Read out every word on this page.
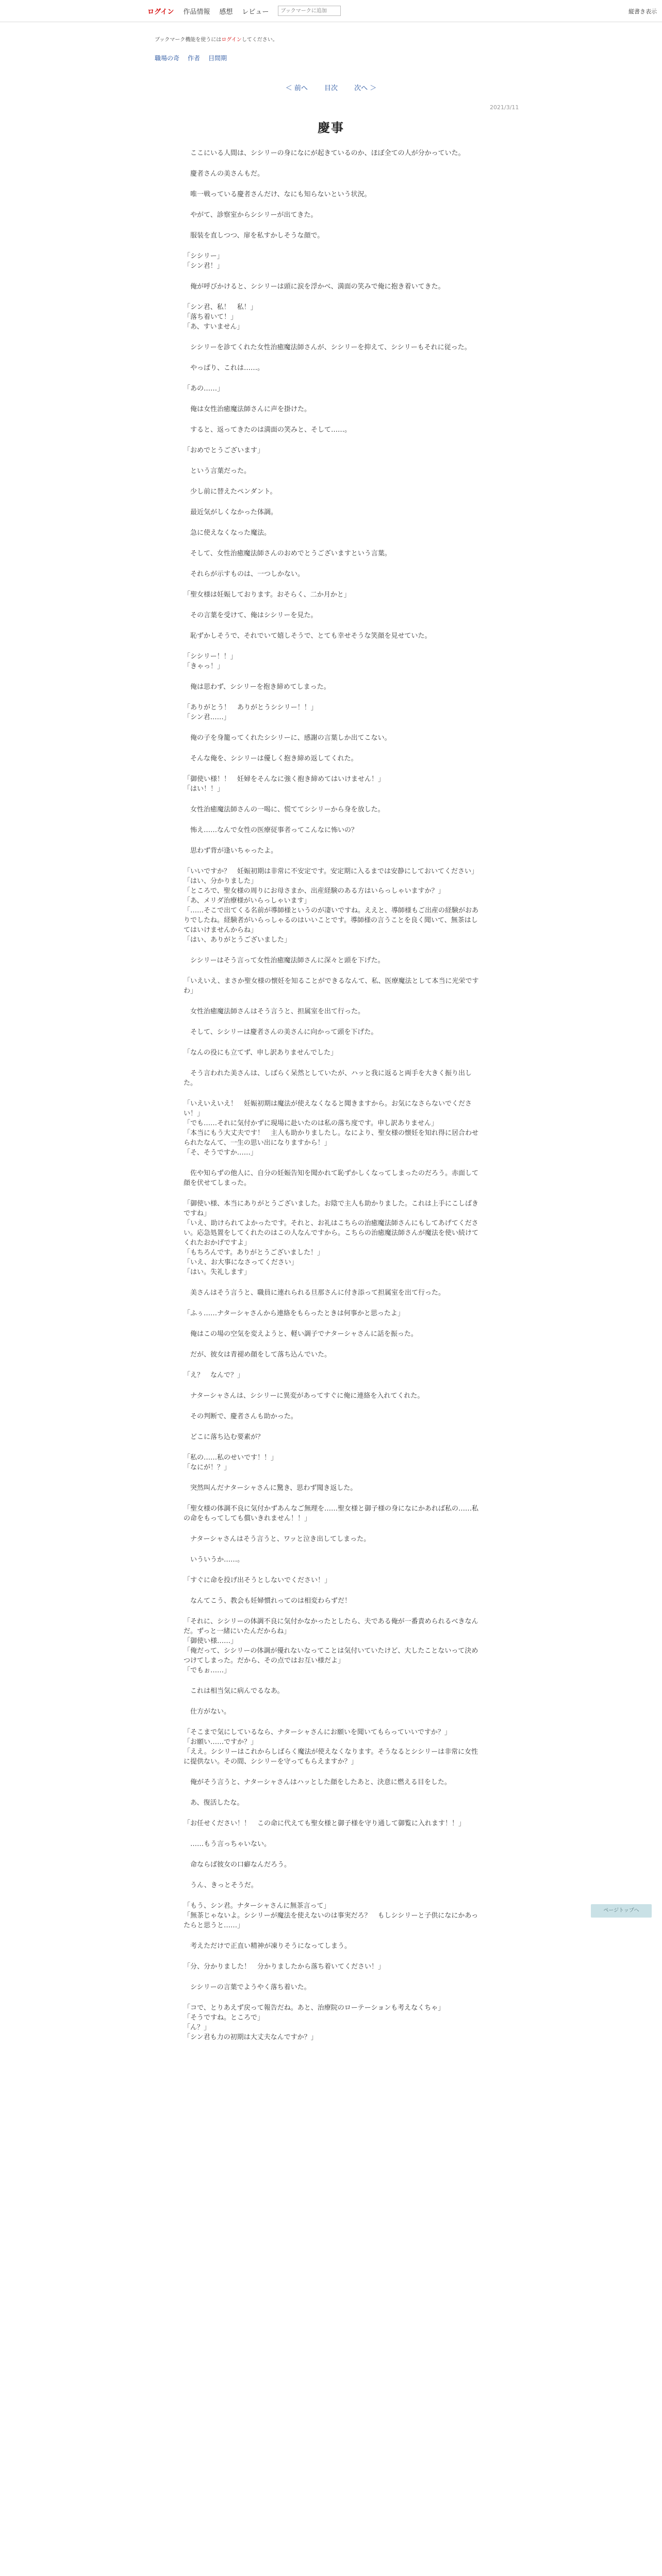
ログイン 作品情報 感想 レビュー
ブックマークに追加	縦書き表示
ブックマーク機能を使うにはログインしてください。
職場の奇 作者 目間期
＜ 前へ 目次 次へ ＞
2021/3/11
慶事

　ここにいる人間は、シシリーの身になにが起きているのか、ほぼ全ての人が分かっていた。

　慶者さんの美さんもだ。

　唯一戦っている慶者さんだけ、なにも知らないという状況。

　やがて、診察室からシシリーが出てきた。

　服装を直しつつ、扉を私すかしそうな顔で。

「シシリー」
「シン君！」

　俺が呼びかけると、シシリーは頭に涙を浮かべ、満面の笑みで俺に抱き着いてきた。

「シン君、私！　私！」
「落ち着いて！」
「あ、すいません」

　シシリーを診てくれた女性治癒魔法師さんが、シシリーを抑えて、シシリーもそれに従った。

　やっぱり、これは……。

「あの……」

　俺は女性治癒魔法師さんに声を掛けた。

　すると、返ってきたのは満面の笑みと、そして……。

「おめでとうございます」

　という言葉だった。

　少し前に替えたペンダント。

　最近気がしくなかった体調。

　急に使えなくなった魔法。

　そして、女性治癒魔法師さんのおめでとうございますという言葉。

　それらが示すものは、一つしかない。

「聖女様は妊娠しております。おそらく、二か月かと」

　その言葉を受けて、俺はシシリーを見た。

　恥ずかしそうで、それでいて嬉しそうで、とても幸せそうな笑顔を見せていた。

「シシリー！！」
「きゃっ！」

　俺は思わず、シシリーを抱き締めてしまった。

「ありがとう！　ありがとうシシリー！！」
「シン君……」

　俺の子を身籠ってくれたシシリーに、感謝の言葉しか出てこない。

　そんな俺を、シシリーは優しく抱き締め返してくれた。

「御使い様！！　妊婦をそんなに強く抱き締めてはいけません！」
「はい！！」

　女性治癒魔法師さんの一喝に、慌ててシシリーから身を放した。

　怖え……なんで女性の医療従事者ってこんなに怖いの？

　思わず背が逢いちゃったよ。

「いいですか？　妊娠初期は非常に不安定です。安定期に入るまでは安静にしておいてください」
「はい、分かりました」
「ところで、聖女様の周りにお母さまか、出産経験のある方はいらっしゃいますか？」
「あ、メリダ治療様がいらっしゃいます」
「……そこで出てくる名前が導師様というのが凄いですね。ええと、導師様もご出産の経験がおありでしたね。経験者がいらっしゃるのはいいことです。導師様の言うことを良く聞いて、無茶はしてはいけませんからね」
「はい、ありがとうございました」

　シシリーはそう言って女性治癒魔法師さんに深々と頭を下げた。

「いえいえ、まさか聖女様の懐妊を知ることができるなんて、私、医療魔法として本当に光栄ですわ」

　女性治癒魔法師さんはそう言うと、担属室を出て行った。

　そして、シシリーは慶者さんの美さんに向かって頭を下げた。

「なんの役にも立てず、申し訳ありませんでした」

　そう言われた美さんは、しばらく呆然としていたが、ハッと我に返ると両手を大きく振り出した。

「いえいえいえ！　妊娠初期は魔法が使えなくなると聞きますから。お気になさらないでください！」
「でも……それに気付かずに現場に赴いたのは私の落ち度です。申し訳ありません」
「本当にもう大丈夫です！　主人も助かりましたし。なにより、聖女様の懐妊を知れ得に居合わせられたなんて、一生の思い出になりますから！」
「そ、そうですか……」

　佐や知らずの他人に、自分の妊娠告知を聞かれて恥ずかしくなってしまったのだろう。赤面して顔を伏せてしまった。

「御使い様、本当にありがとうございました。お陰で主人も助かりました。これは上手にこしばきですね」
「いえ、助けられてよかったです。それと、お礼はこちらの治癒魔法師さんにもしてあげてください。応急処置をしてくれたのはこの人なんですから。こちらの治癒魔法師さんが魔法を使い続けてくれたおかげですよ」
「もちろんです。ありがとうございました！」
「いえ、お大事になさってください」
「はい。失礼します」

　美さんはそう言うと、職員に連れられる旦那さんに付き添って担属室を出て行った。

「ふぅ……ナターシャさんから連絡をもらったときは何事かと思ったよ」

　俺はこの場の空気を変えようと、軽い調子でナターシャさんに話を振った。

　だが、彼女は青褪め顔をして落ち込んでいた。

「え？　なんで？」

　ナターシャさんは、シシリーに異変があってすぐに俺に連絡を入れてくれた。

　その判断で、慶者さんも助かった。

　どこに落ち込む要素が？

「私の……私のせいです！！」
「なにが！？」

　突然叫んだナターシャさんに驚き、思わず聞き返した。

「聖女様の体調不良に気付かずあんなご無理を……聖女様と御子様の身になにかあれば私の……私の命をもってしても償いきれません！！」

　ナターシャさんはそう言うと、ワッと泣き出してしまった。

　いういうか……。

「すぐに命を投げ出そうとしないでください！」

　なんてこう、教会も妊婦慣れってのは相変わらずだ！

「それに、シシリーの体調不良に気付かなかったとしたら、夫である俺が一番責められるべきなんだ。ずっと一緒にいたんだからね」
「御使い様……」
「俺だって、シシリーの体調が優れないなってことは気付いていたけど、大したことないって決めつけてしまった。だから、その点ではお互い様だよ」
「でもぉ……」

　これは相当気に病んでるなあ。

　仕方がない。

「そこまで気にしているなら、ナターシャさんにお願いを聞いてもらっていいですか？」
「お願い……ですか？」
「ええ。シシリーはこれからしばらく魔法が使えなくなります。そうなるとシシリーは非常に女性に提供ない。その間、シシリーを守ってもらえますか？」

　俺がそう言うと、ナターシャさんはハッとした顔をしたあと、決意に燃える目をした。

　あ、復活したな。

「お任せください！！　この命に代えても聖女様と御子様を守り通して御覧に入れます！！」

　……もう言っちゃいない。

　命ならば彼女の口癖なんだろう。

　うん、きっとそうだ。

「もう、シン君。ナターシャさんに無茶言って」
「無茶じゃないよ。シシリーが魔法を使えないのは事実だろ？　もしシシリーと子供になにかあったらと思うと……」

　考えただけで正直い精神が凍りそうになってしまう。

「分、分かりました！　分かりましたから落ち着いてください！」

　シシリーの言葉でようやく落ち着いた。

「コで、とりあえず戻って報告だね。あと、治療院のローテーションも考えなくちゃ」
「そうですね。ところで」
「ん？」
「シン君も力の初期は大丈夫なんですか？」

ページトップへ
